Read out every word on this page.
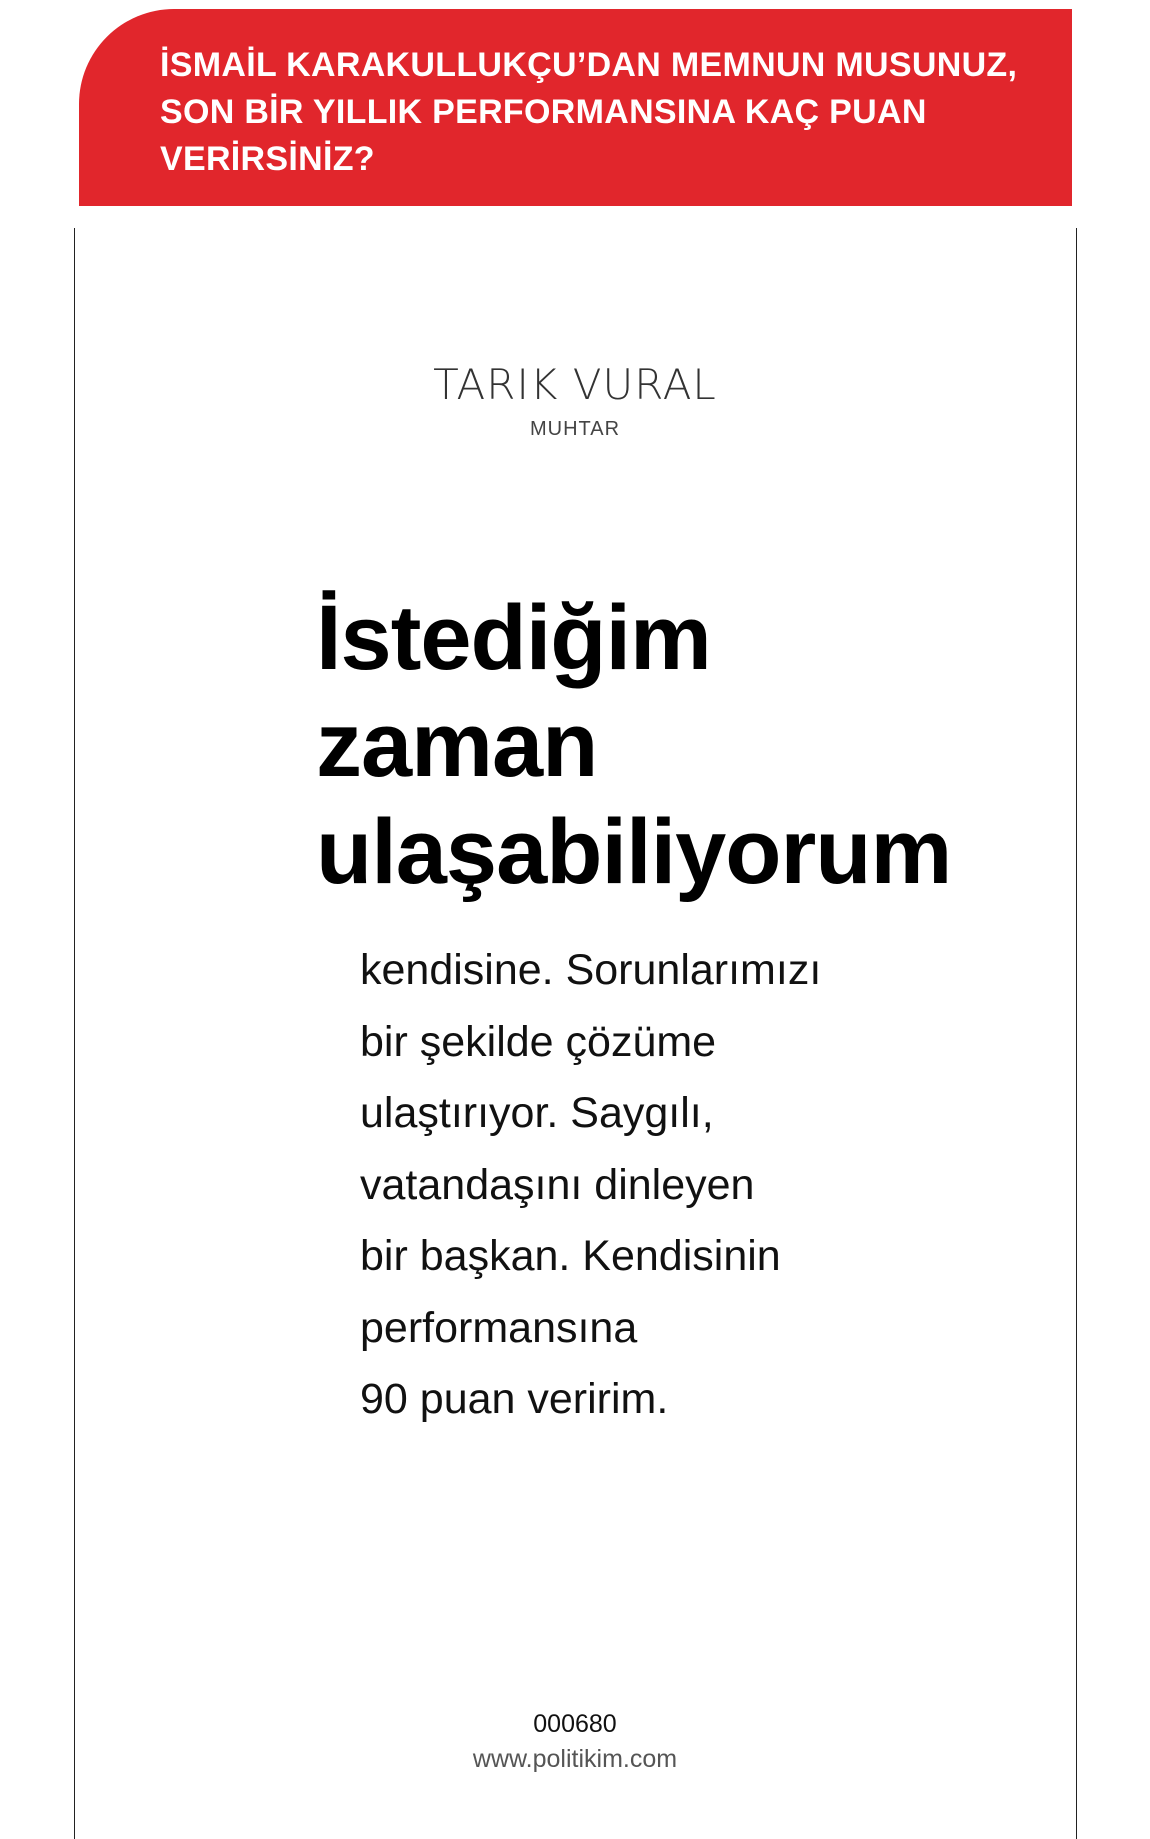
İSMAİL KARAKULLUKÇU’DAN MEMNUN MUSUNUZ,
SON BİR YILLIK PERFORMANSINA KAÇ PUAN
VERİRSİNİZ?

TARIK VURAL
MUHTAR
İstediğim
zaman
ulaşabiliyorum

kendisine. Sorunlarımızı
bir şekilde çözüme
ulaştırıyor. Saygılı,
vatandaşını dinleyen
bir başkan. Kendisinin
performansına
90 puan veririm.

000680
www.politikim.com
